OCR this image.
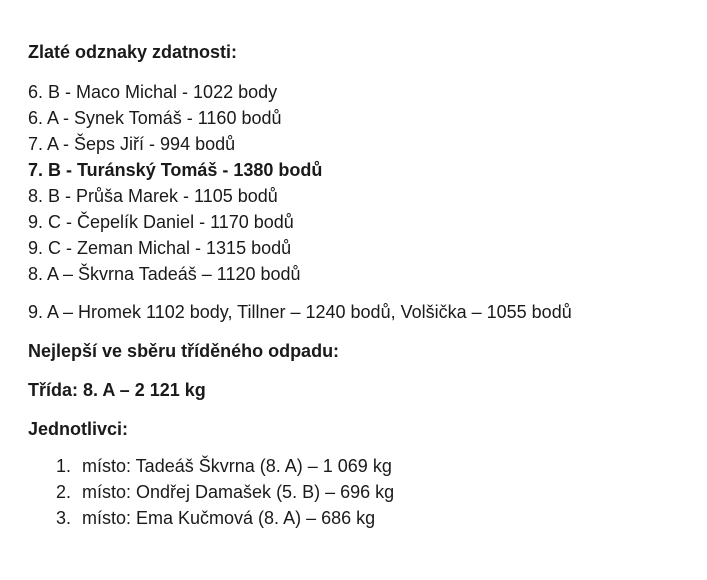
Zlaté odznaky zdatnosti:
6. B - Maco Michal - 1022 body
6. A - Synek Tomáš - 1160 bodů
7. A - Šeps Jiří - 994 bodů
7. B - Turánský Tomáš - 1380 bodů
8. B - Průša Marek - 1105 bodů
9. C - Čepelík Daniel - 1170 bodů
9. C - Zeman Michal - 1315 bodů
8. A – Škvrna Tadeáš – 1120 bodů
9. A – Hromek 1102 body, Tillner – 1240 bodů, Volšička – 1055 bodů
Nejlepší ve sběru tříděného odpadu:
Třída: 8. A – 2 121 kg
Jednotlivci:
1. místo: Tadeáš Škvrna (8. A) – 1 069 kg
2. místo: Ondřej Damašek (5. B) – 696 kg
3. místo: Ema Kučmová (8. A) – 686 kg
